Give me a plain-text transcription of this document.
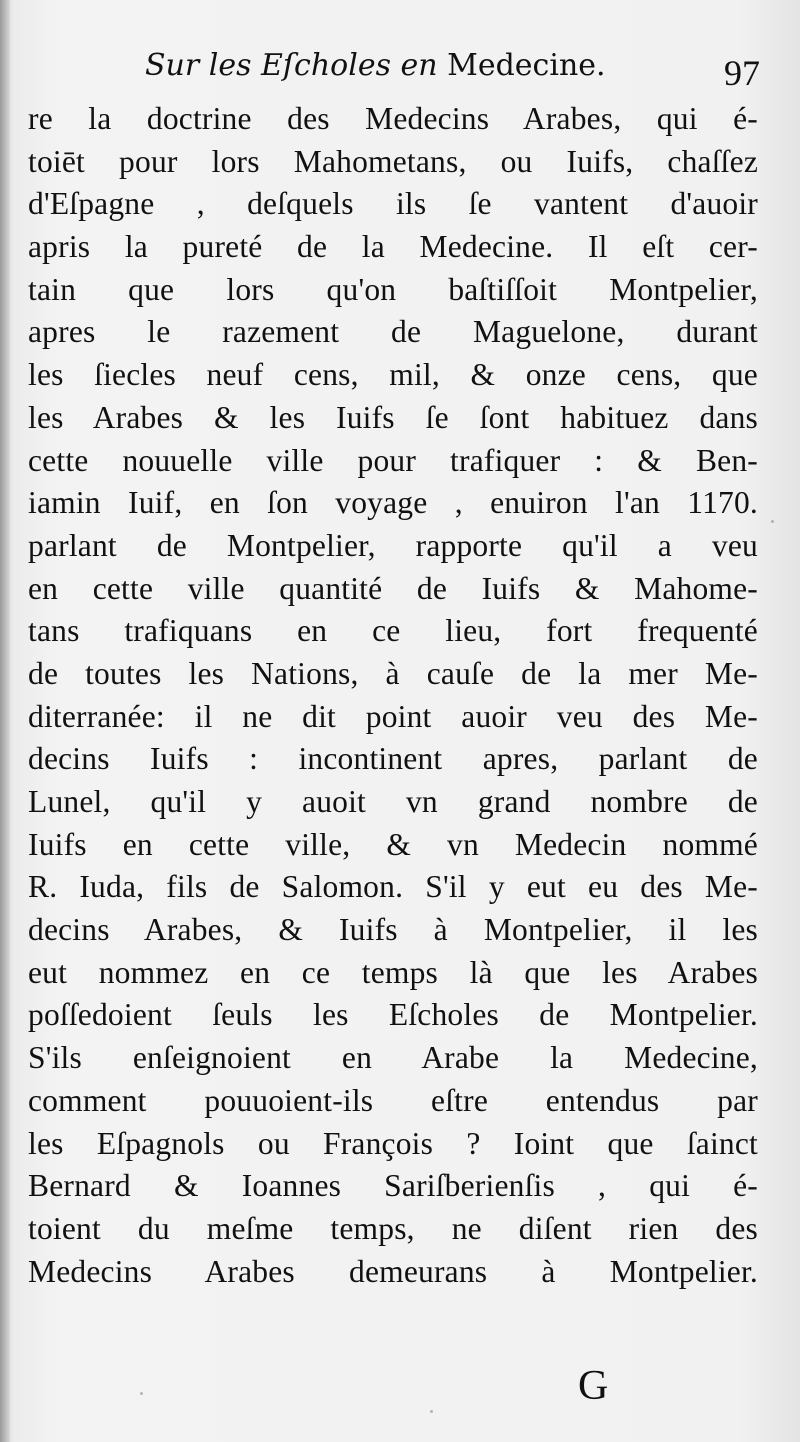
Sur les Eſcholes en Medecine.	97
re la doctrine des Medecins Arabes, qui é-
toiēt pour lors Mahometans, ou Iuifs, chaſſez
d'Eſpagne , deſquels ils ſe vantent d'auoir
apris la pureté de la Medecine. Il eſt cer-
tain que lors qu'on baſtiſſoit Montpelier,
apres le razement de Maguelone, durant
les ſiecles neuf cens, mil, & onze cens, que
les Arabes & les Iuifs ſe ſont habituez dans
cette nouuelle ville pour trafiquer : & Ben-
iamin Iuif, en ſon voyage , enuiron l'an 1170.
parlant de Montpelier, rapporte qu'il a veu
en cette ville quantité de Iuifs & Mahome-
tans trafiquans en ce lieu, fort frequenté
de toutes les Nations, à cauſe de la mer Me-
diterranée: il ne dit point auoir veu des Me-
decins Iuifs : incontinent apres, parlant de
Lunel, qu'il y auoit vn grand nombre de
Iuifs en cette ville, & vn Medecin nommé
R. Iuda, fils de Salomon. S'il y eut eu des Me-
decins Arabes, & Iuifs à Montpelier, il les
eut nommez en ce temps là que les Arabes
poſſedoient ſeuls les Eſcholes de Montpelier.
S'ils enſeignoient en Arabe la Medecine,
comment pouuoient-ils eſtre entendus par
les Eſpagnols ou François ? Ioint que ſainct
Bernard & Ioannes Sariſberienſis , qui é-
toient du meſme temps, ne diſent rien des
Medecins Arabes demeurans à Montpelier.
G
